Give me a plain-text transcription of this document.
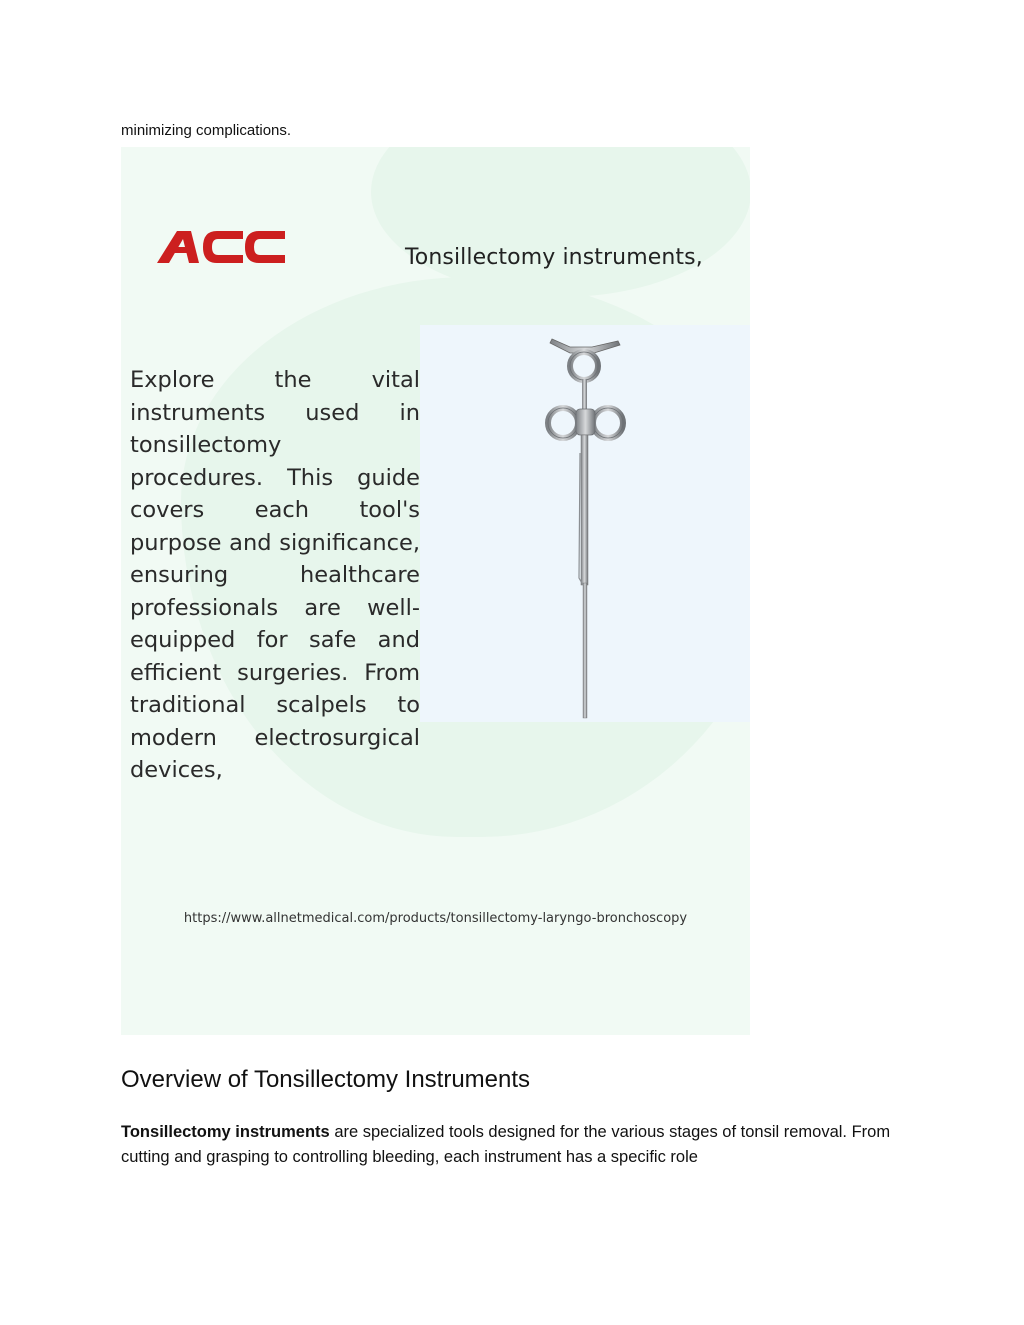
minimizing complications.
Tonsillectomy instruments,
Explore the vital instruments used in tonsillectomy procedures. This guide covers each tool's purpose and significance, ensuring healthcare professionals are well-equipped for safe and efficient surgeries. From traditional scalpels to modern electrosurgical devices,
https://www.allnetmedical.com/products/tonsillectomy-laryngo-bronchoscopy
Overview of Tonsillectomy Instruments

Tonsillectomy instruments are specialized tools designed for the various stages of tonsil removal. From cutting and grasping to controlling bleeding, each instrument has a specific role
